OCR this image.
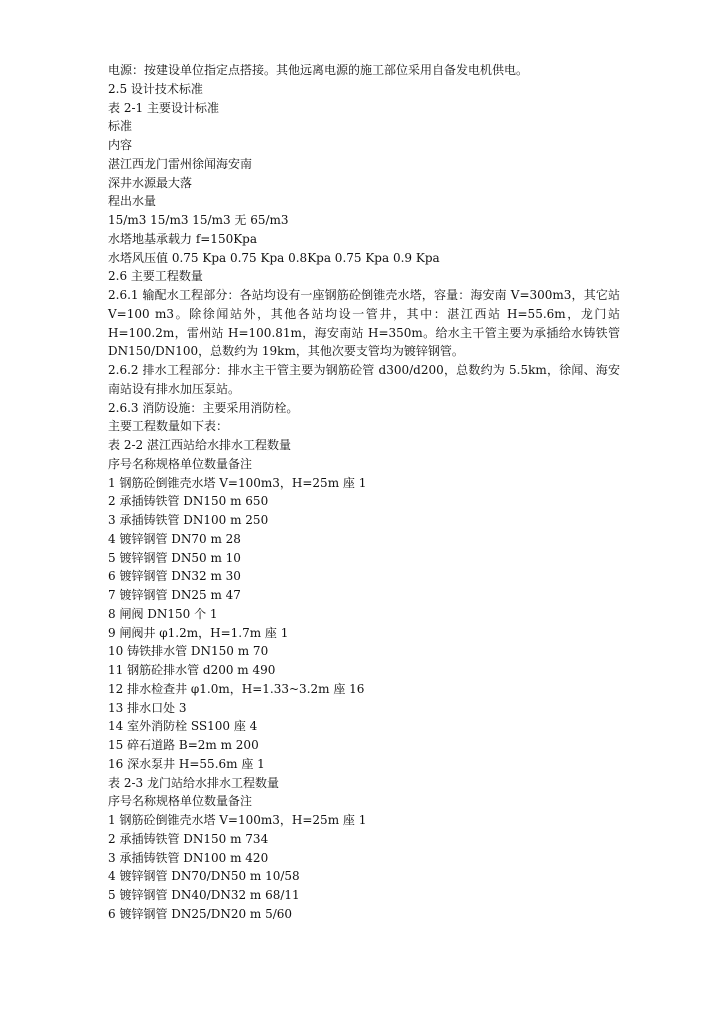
电源：按建设单位指定点搭接。其他远离电源的施工部位采用自备发电机供电。

2.5 设计技术标准

表 2-1 主要设计标准

标准

内容

湛江西龙门雷州徐闻海安南

深井水源最大落

程出水量

15/m3 15/m3 15/m3 无 65/m3

水塔地基承载力 f=150Kpa

水塔风压值 0.75 Kpa 0.75 Kpa 0.8Kpa 0.75 Kpa 0.9 Kpa

2.6 主要工程数量

2.6.1 输配水工程部分：各站均设有一座钢筋砼倒锥壳水塔，容量：海安南 V=300m3，其它站 V=100 m3。除徐闻站外，其他各站均设一管井，其中：湛江西站 H=55.6m，龙门站 H=100.2m，雷州站 H=100.81m，海安南站 H=350m。给水主干管主要为承插给水铸铁管 DN150/DN100，总数约为 19km，其他次要支管均为镀锌钢管。

2.6.2 排水工程部分：排水主干管主要为钢筋砼管 d300/d200，总数约为 5.5km，徐闻、海安南站设有排水加压泵站。

2.6.3 消防设施：主要采用消防栓。

主要工程数量如下表：

表 2-2 湛江西站给水排水工程数量

序号名称规格单位数量备注

1 钢筋砼倒锥壳水塔 V=100m3，H=25m 座 1

2 承插铸铁管 DN150 m 650

3 承插铸铁管 DN100 m 250

4 镀锌钢管 DN70 m 28

5 镀锌钢管 DN50 m 10

6 镀锌钢管 DN32 m 30

7 镀锌钢管 DN25 m 47

8 闸阀 DN150 个 1

9 闸阀井 φ1.2m，H=1.7m 座 1

10 铸铁排水管 DN150 m 70

11 钢筋砼排水管 d200 m 490

12 排水检查井 φ1.0m，H=1.33~3.2m 座 16

13 排水口处 3

14 室外消防栓 SS100 座 4

15 碎石道路 B=2m m 200

16 深水泵井 H=55.6m 座 1

表 2-3 龙门站给水排水工程数量

序号名称规格单位数量备注

1 钢筋砼倒锥壳水塔 V=100m3，H=25m 座 1

2 承插铸铁管 DN150 m 734

3 承插铸铁管 DN100 m 420

4 镀锌钢管 DN70/DN50 m 10/58

5 镀锌钢管 DN40/DN32 m 68/11

6 镀锌钢管 DN25/DN20 m 5/60
